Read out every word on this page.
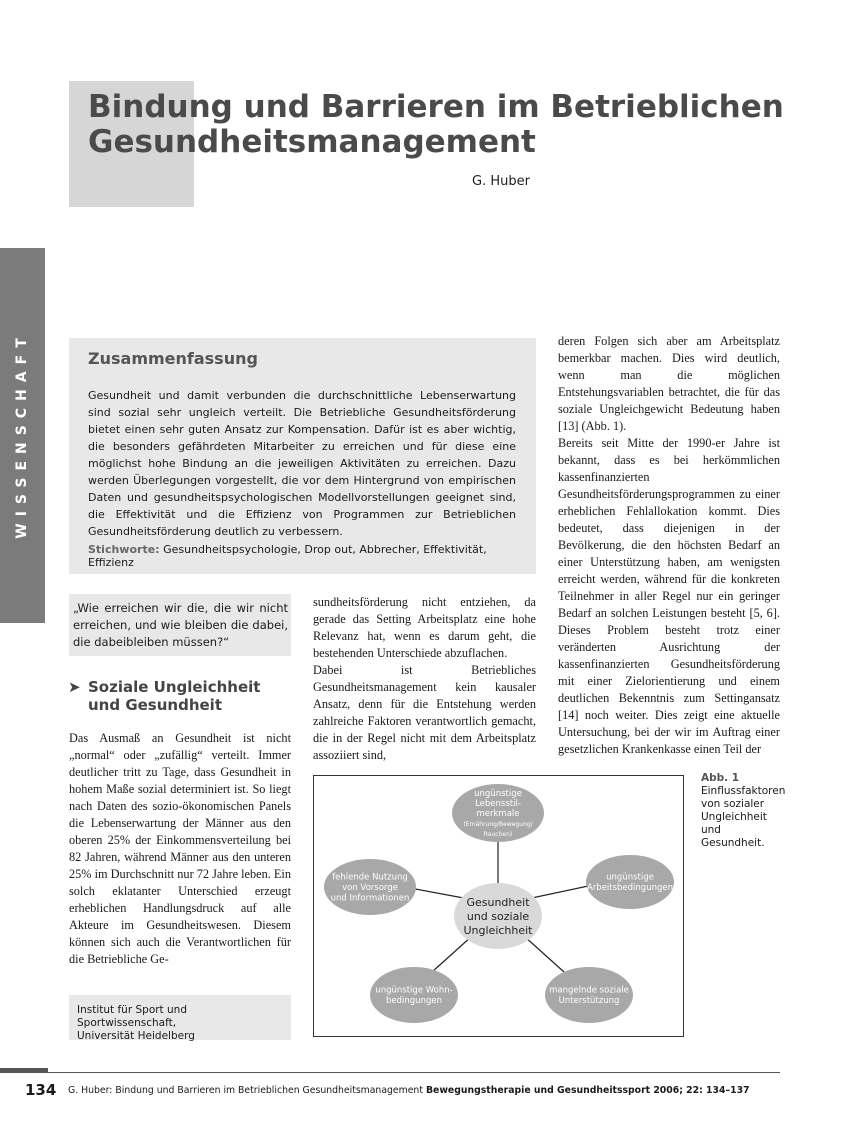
Bindung und Barrieren im Betrieblichen
Gesundheitsmanagement
G. Huber
WISSENSCHAFT	Zusammenfassung
Gesundheit und damit verbunden die durchschnittliche Lebenserwartung sind sozial sehr ungleich verteilt. Die Betriebliche Gesundheitsförderung bietet einen sehr guten Ansatz zur Kompensation. Dafür ist es aber wichtig, die besonders gefährdeten Mitarbeiter zu erreichen und für diese eine möglichst hohe Bindung an die jeweiligen Aktivitäten zu erreichen. Dazu werden Überlegungen vorgestellt, die vor dem Hintergrund von empirischen Daten und gesundheitspsychologischen Modellvorstellungen geeignet sind, die Effektivität und die Effizienz von Programmen zur Betrieblichen Gesundheitsförderung deutlich zu verbessern.
Stichworte: Gesundheitspsychologie, Drop out, Abbrecher, Effektivität, Effizienz
„Wie erreichen wir die, die wir nicht erreichen, und wie bleiben die dabei, die dabeibleiben müssen?“
➤ Soziale Ungleichheit
und Gesundheit

Das Ausmaß an Gesundheit ist nicht „normal“ oder „zufällig“ verteilt. Immer deutlicher tritt zu Tage, dass Gesundheit in hohem Maße sozial determiniert ist. So liegt nach Daten des sozio-ökonomischen Panels die Lebenserwartung der Männer aus den oberen 25% der Einkommensverteilung bei 82 Jahren, während Männer aus den unteren 25% im Durchschnitt nur 72 Jahre leben. Ein solch eklatanter Unterschied erzeugt erheblichen Handlungsdruck auf alle Akteure im Gesundheitswesen. Diesem können sich auch die Verantwortlichen für die Betriebliche Ge-

sundheitsförderung nicht entziehen, da gerade das Setting Arbeitsplatz eine hohe Relevanz hat, wenn es darum geht, die bestehenden Unterschiede abzuflachen.

Dabei ist Betriebliches Gesundheitsmanagement kein kausaler Ansatz, denn für die Entstehung werden zahlreiche Faktoren verantwortlich gemacht, die in der Regel nicht mit dem Arbeitsplatz assoziiert sind,

deren Folgen sich aber am Arbeitsplatz bemerkbar machen. Dies wird deutlich, wenn man die möglichen Entstehungsvariablen betrachtet, die für das soziale Ungleichgewicht Bedeutung haben [13] (Abb. 1).

Bereits seit Mitte der 1990-er Jahre ist bekannt, dass es bei herkömmlichen kassenfinanzierten Gesundheitsförderungsprogrammen zu einer erheblichen Fehlallokation kommt. Dies bedeutet, dass diejenigen in der Bevölkerung, die den höchsten Bedarf an einer Unterstützung haben, am wenigsten erreicht werden, während für die konkreten Teilnehmer in aller Regel nur ein geringer Bedarf an solchen Leistungen besteht [5, 6]. Dieses Problem besteht trotz einer veränderten Ausrichtung der kassenfinanzierten Gesundheitsförderung mit einer Zielorientierung und einem deutlichen Bekenntnis zum Settingansatz [14] noch weiter. Dies zeigt eine aktuelle Untersuchung, bei der wir im Auftrag einer gesetzlichen Krankenkasse einen Teil der

Institut für Sport und Sportwissenschaft,
Universität Heidelberg
Gesundheit
und soziale
Ungleichheit
ungünstige
Lebensstil-
merkmale
(Ernährung/Bewegung/
Rauchen)
ungünstige
Arbeitsbedingungen
mangelnde soziale
Unterstützung
ungünstige Wohn-
bedingungen
fehlende Nutzung
von Vorsorge
und Informationen
Abb. 1 Einflussfaktoren von sozialer Ungleichheit und Gesundheit.
134 G. Huber: Bindung und Barrieren im Betrieblichen Gesundheitsmanagement Bewegungstherapie und Gesundheitssport 2006; 22: 134–137
